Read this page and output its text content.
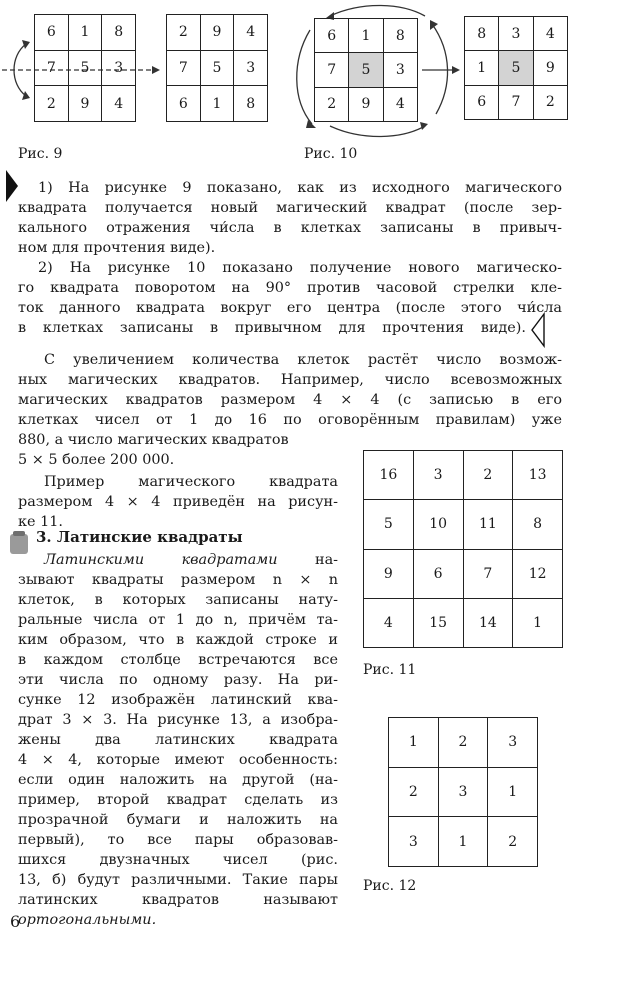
6	1	8
7	5	3
2	9	4
2	9	4
7	5	3
6	1	8
Рис. 9
6	1	8
7	5	3
2	9	4
8	3	4
1	5	9
6	7	2
Рис. 10
1) На рисунке 9 показано, как из исходного магического
квадрата получается новый магический квадрат (после зер-
кального отражения чи́сла в клетках записаны в привыч-
ном для прочтения виде).
2) На рисунке 10 показано получение нового магическо-
го квадрата поворотом на 90° против часовой стрелки кле-
ток данного квадрата вокруг его центра (после этого чи́сла
в клетках записаны в привычном для прочтения виде).
С увеличением количества клеток растёт число возмож-
ных магических квадратов. Например, число всевозможных
магических квадратов размером 4 × 4 (с записью в его
клетках чисел от 1 до 16 по оговорённым правилам) уже
880, а число магических квадратов
5 × 5 более 200 000.
Пример магического квадрата
размером 4 × 4 приведён на рисун-
ке 11.
3. Латинские квадраты
Латинскими квадратами на-
зывают квадраты размером n × n
клеток, в которых записаны нату-
ральные числа от 1 до n, причём та-
ким образом, что в каждой строке и
в каждом столбце встречаются все
эти числа по одному разу. На ри-
сунке 12 изображён латинский ква-
драт 3 × 3. На рисунке 13, а изобра-
жены два латинских квадрата
4 × 4, которые имеют особенность:
если один наложить на другой (на-
пример, второй квадрат сделать из
прозрачной бумаги и наложить на
первый), то все пары образовав-
шихся двузначных чисел (рис.
13, б) будут различными. Такие пары
латинских квадратов называют
ортогональными.
16	3	2	13
5	10	11	8
9	6	7	12
4	15	14	1
Рис. 11
1	2	3
2	3	1
3	1	2
Рис. 12
6
